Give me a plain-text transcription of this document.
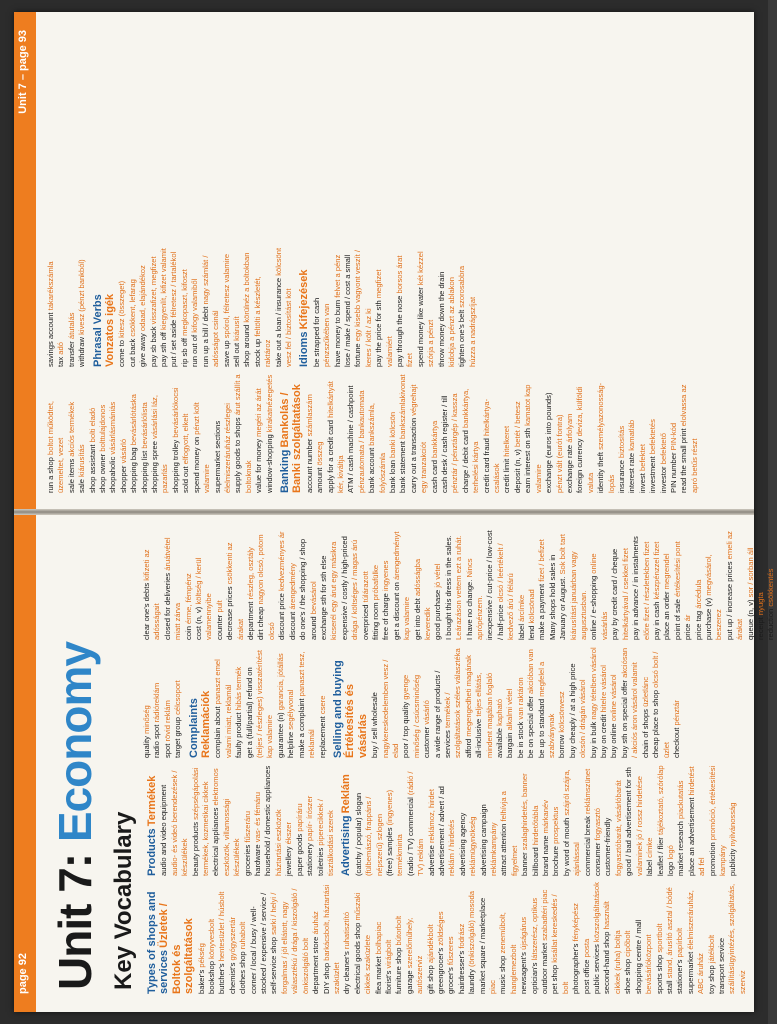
page 92 Unit 7: Economy
Key Vocabulary Types of shops and services Üzletek / Boltok és szolgáltatások baker's pékség
bookshop könyvesbolt
butcher's hentesüzlet / húsbolt
chemist's gyógyszertár
clothes shop ruhabolt corner / local / busy / well-stocked / expensive / service / self-service shop sarki / helyi / forgalmas / jól ellátott, nagy választékú / drága / kiszolgáló / önkiszolgáló bolt department store áruház
DIY shop barkácsbolt, háztartási szaküzlet dry cleaner's ruhatisztító electrical goods shop műszaki cikkek szaküzlete flea market bolhapiac
florist's virágbolt furniture shop bútorbolt
garage szerelőműhely, autószerviz gift shop ajándékbolt
greengrocer's zöldséges
grocer's fűszeres
hairdresser's fodrász
laundry (önkiszolgáló) mosoda market square / marketplace piac music shop zeneműbolt, hanglemezbolt newsagent's újságárus
optician's látszerész, optikus
outdoor market szabadtéri piac
pet shop kisállat kereskedés / bolt photographer's fényképész
post office posta public services közszolgáltatások
second-hand shop használt cikkek (ruha) boltja shoe shop cipőbolt shopping centre / mall bevásárlóközpont sports shop sportbolt
stall stand, árusító asztal / bódé stationer's papírbolt
supermarket élelmiszeráruház, ABC áruház toy shop játékbolt transport service szállításügyintézés, szolgáltatás, szerviz
Products Termékek audio and video equipment audio- és videó berendezések / készülékek beauty products szépségápolási termékek, kozmetikai cikkek electrical appliances elektromos eszközök, villamossági készülékek groceries fűszeráru
hardware vas- és fémáru household / domestic appliances háztartási eszközök jewellery ékszer
paper goods papíráru
stationery papír- írószer
toiletries piperecikkek / tisztálkodási szerek Advertising Reklám (catchy / popular) slogan (fülbemászó, frappáns / népszerű) szlogen (free) samples (ingyenes) termékminta (radio / TV) commercial (rádió / TV) reklám advertise reklámoz, hirdet advertisement / advert / ad reklám / hirdetés advertising agency reklámügynökség advertising campaign reklámkampány attract attention felhívja a figyelmet banner szalaghirdetés, banner
billboard hirdetőtábla
brand name márkanév
brochure prospektus by word of mouth szájról szájra, ajánlással commercial break reklámszünet
consumer fogyasztó customer-friendly fogyasztóbarát, vásárlóbarát good / bad advertisement for sth valaminek jó / rossz hirdetése label címke leaflet / flier tájékoztató, szórólap
logo logó market research piackutatás place an advertisement hirdetést ad fel promotion promóció, értékesítési kampány publicity nyilvánosság
quality minőség
radio spot rádióreklám
spot rövid reklám target group célcsoport
Complaints Reklamációk complain about panaszt emel valami miatt, reklamál faulty product hibás termék get a (full/partial) refund on (teljes / részleges) visszatérítést kap valamire guarantee (n) garancia, jótállás
helpline segélyvonal make a complaint panaszt tesz, reklamál replacement csere Selling and buying Értékesítés és vásárlás buy / sell wholesale nagykereskedelemben vesz / elad poor / top quality gyenge minőség / csúcsminőség customer vásárló a wide range of products / services termékek / szolgáltatások széles választéka afford megengedheti magának
all-inclusive teljes ellátás, mindent magában foglaló available kapható
bargain alkalmi vétel
be in stock van raktáron be on special offer akcióban van
be up to standard megfelel a szabványnak borrow kölcsönvesz buy cheaply / at a high price olcsón / drágán vásárol buy in bulk nagy tételben vásárol
buy on credit hitelre vásárol
buy online online vásárol buy sth on special offer akciósan / akciós áron vásárol valamit chain of shops üzletlánc cheap place to shop olcsó bolt / üzlet checkout pénztár
clear one's debts kifizeti az adósságait closed for deliveries áruátvétel miatt zárva coin érme, fémpénz cost (n, v) költség / kerül valamennyibe counter pult decrease prices csökkenti az árakat department részleg, osztály
dirt cheap nagyon olcsó, potom olcsó discount price kedvezményes ár
discount árengedmény do one's / the shopping / shop around bevásárol exchange sth for sth else kicserél egy árut egy másikra expensive / costly / high-priced drága / költséges / magas árú overpriced túlárazott
fitting room próbafülke
free of charge ingyenes
get a discount on árengedményt kap valamire get into debt adósságba keveredik good purchase jó vétel I bought this dress in the sales. Leárazáson vettem ezt a ruhát. I have no change. Nincs aprópénzem. inexpensive / cut-price / low-cost / half-price olcsó / leértékelt / kedvező árú / félárú label árcímke
lend kölcsönad make a payment fizet / befizet Many shops hold sales in January or August. Sok bolt tart kiárusítást januárban vagy augusztusban. online / e-shopping online vásárlás pay by credit card / cheque hitelkártyával / csekkel fizet pay in advance / in instalments előre fizet / részletekben fizet pay in cash készpénzzel fizet
place an order megrendel
point of sale értékesítési pont
price ár price tag árcédula
purchase (v) megvásárol, beszerez put up / increase prices emeli az árakat queue (n, v) sor / sorban áll
receipt nyugta
reduction csökkentés
Unit 7 – page 93
run a shop boltot működtet, üzemeltet, vezet sale items akciós termékek
sale kiárusítás shop assistant bolti eladó
shop owner bolttulajdonos
shopaholic vásárlásmániás
shopper vásárló shopping bag bevásárlótáska
shopping list bevásárlólista
shopping spree vásárlási láz, pazarlás shopping trolley bevásárlókocsi
sold out elfogyott, elkelt spend money on pénzt költ valamire supermarket sections élelmiszeráruház részlegei supply goods to shops árut szállít a boltoknak value for money megéri az árát
window-shopping kirakatnézegetés
Banking Bankolás / Banki szolgáltatások account number számlaszám
amount összeg apply for a credit card hitelkártyát kér, kiváltja ATM / cash machine / cashpoint pénzautomata / bankautomata bank account bankszámla, folyószámla bank loan banki kölcsön
bank statement bankszámlakivonat
carry out a transaction végrehajt egy tranzakciót cash card bankkártya cash desk / cash register / till pénztár / pénztárgép / kassza charge / debit card bankkártya, terhelési kártya credit card fraud hitelkártya-csalások credit limit hitelkeret
deposit (n, v) betét / betesz
earn interest on sth kamatot kap valamire exchange (euros into pounds) pénzt vált (eurót fontra) exchange rate árfolyam
foreign currency deviza, külföldi valuta identity theft személyazonosság-lopás insurance biztosítás
interest rate kamatláb
invest befektet investment befektetés
investor befektető
PIN number PIN-kód read the small print elolvassa az apró betűs részt
savings account takarékszámla
tax adó transfer átutalás
withdraw kivesz (pénzt bankból) Phrasal Verbs Vonzatos igék come to kitesz (összeget)
cut back csökkent, lefarag
give away odaad, elajándékoz
pay sb back visszafizet, megfizet
pay sth off kiegyenlít, kifizet valamit
put / set aside félretesz / tartalékol
rip sb off megkopaszt, kifoszt
run out of kifogy valamiből
run up a bill / debt nagy számlát / adósságot csinál save up spórol, félretesz valamire
sell out kiárusít shop around körülnéz a boltokban
stock up feltölti a készletét, raktároz take out a loan / insurance kölcsönt vesz fel / biztosítást köt Idioms Kifejezések be strapped for cash pénzszűkében van have money to burn felvet a pénz lose / make / spend / cost a small fortune egy kisebb vagyont veszít / keres / költ / az ki pay the price for sth megfizet valamiért pay through the nose borsos árat fizet spend money like water két kézzel szórja a pénzt throw money down the drain kidobja a pénzt az ablakon tighten one's belt szorosabbra húzza a nadrágszíjat
